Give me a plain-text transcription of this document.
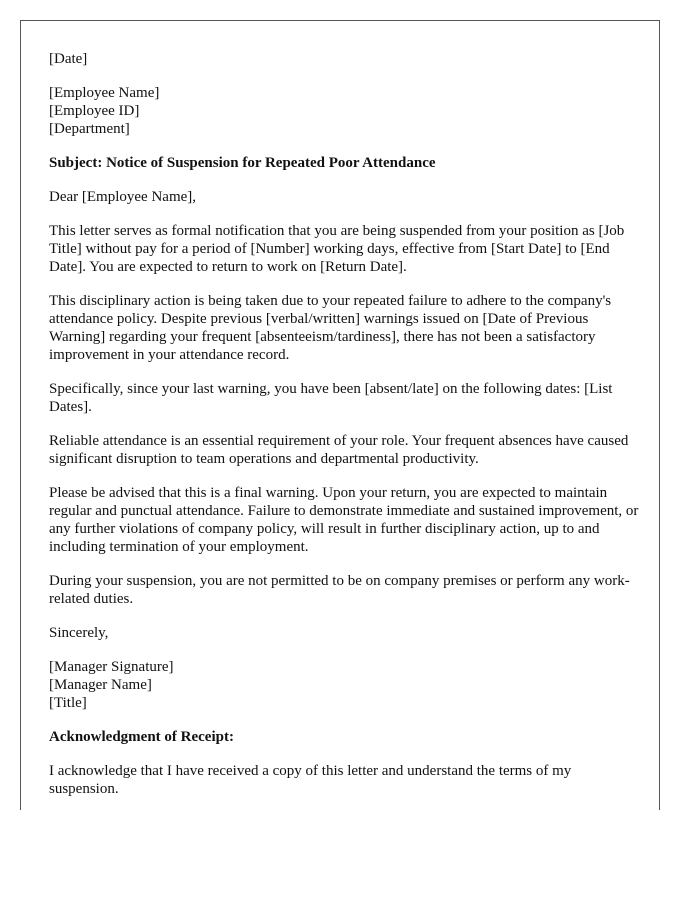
[Date]

[Employee Name]
[Employee ID]
[Department]

Subject: Notice of Suspension for Repeated Poor Attendance

Dear [Employee Name],

This letter serves as formal notification that you are being suspended from your position as [Job Title] without pay for a period of [Number] working days, effective from [Start Date] to [End Date]. You are expected to return to work on [Return Date].

This disciplinary action is being taken due to your repeated failure to adhere to the company's attendance policy. Despite previous [verbal/written] warnings issued on [Date of Previous Warning] regarding your frequent [absenteeism/tardiness], there has not been a satisfactory improvement in your attendance record.

Specifically, since your last warning, you have been [absent/late] on the following dates: [List Dates].

Reliable attendance is an essential requirement of your role. Your frequent absences have caused significant disruption to team operations and departmental productivity.

Please be advised that this is a final warning. Upon your return, you are expected to maintain regular and punctual attendance. Failure to demonstrate immediate and sustained improvement, or any further violations of company policy, will result in further disciplinary action, up to and including termination of your employment.

During your suspension, you are not permitted to be on company premises or perform any work-related duties.

Sincerely,

[Manager Signature]
[Manager Name]
[Title]

Acknowledgment of Receipt:

I acknowledge that I have received a copy of this letter and understand the terms of my suspension.
